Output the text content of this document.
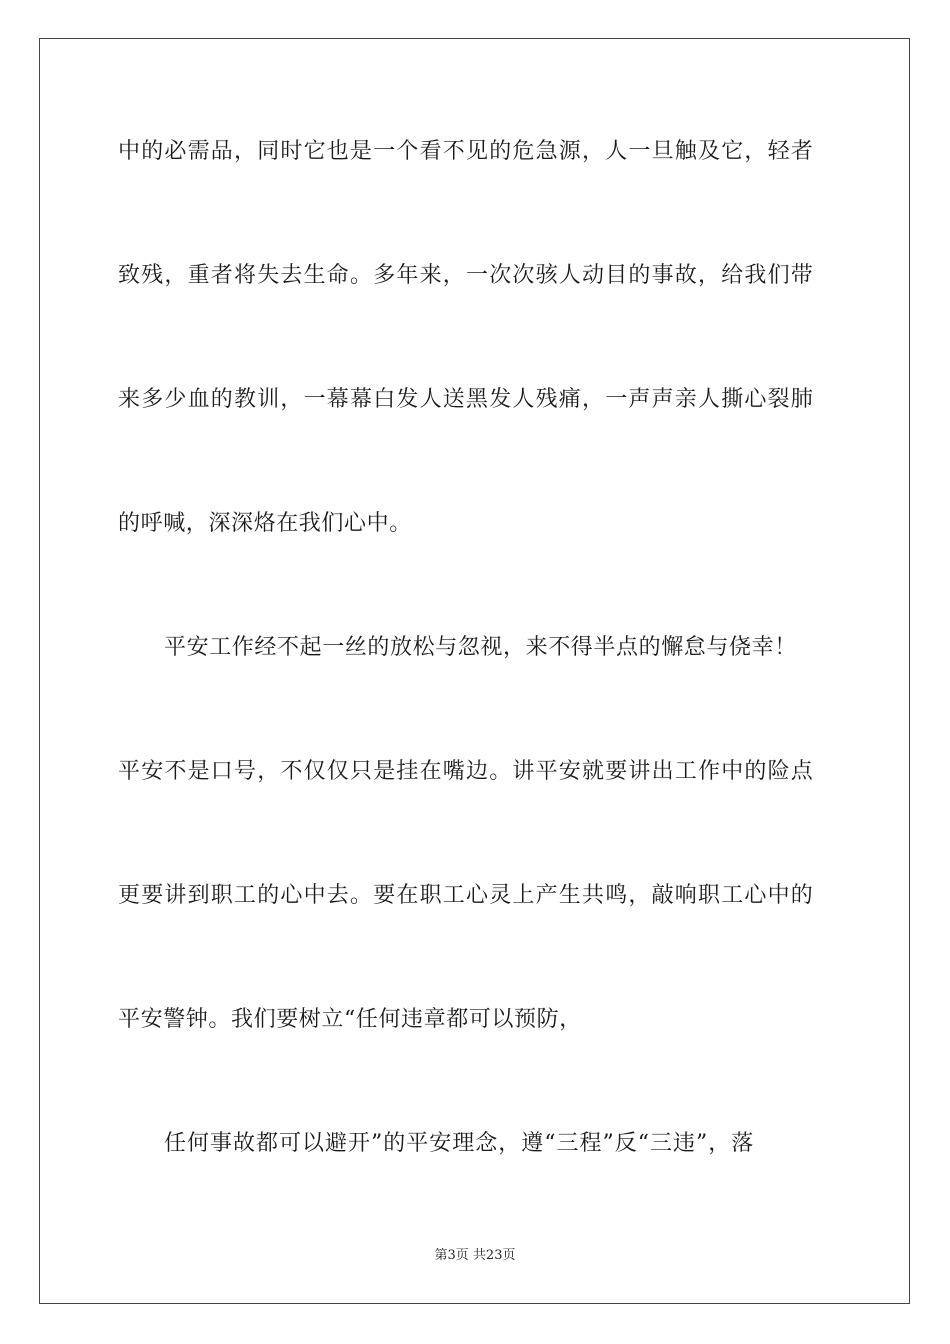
中的必需品，同时它也是一个看不见的危急源，人一旦触及它，轻者
致残，重者将失去生命。多年来，一次次骇人动目的事故，给我们带
来多少血的教训，一幕幕白发人送黑发人残痛，一声声亲人撕心裂肺
的呼喊，深深烙在我们心中。
平安工作经不起一丝的放松与忽视，来不得半点的懈怠与侥幸！
平安不是口号，不仅仅只是挂在嘴边。讲平安就要讲出工作中的险点
更要讲到职工的心中去。要在职工心灵上产生共鸣，敲响职工心中的
平安警钟。我们要树立“任何违章都可以预防，
任何事故都可以避开”的平安理念，遵“三程”反“三违”，落
第3页 共23页
